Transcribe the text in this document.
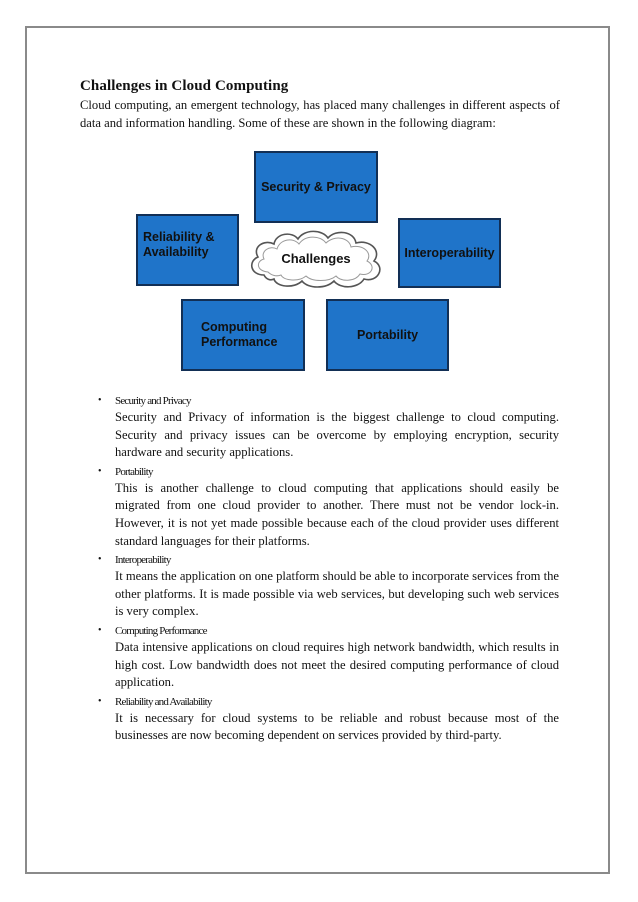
Challenges in Cloud Computing

Cloud computing, an emergent technology, has placed many challenges in different aspects of data and information handling. Some of these are shown in the following diagram:

Security & Privacy
Reliability &
Availability	Interoperability
Computing
Performance
Portability
Challenges
• Security and Privacy
Security and Privacy of information is the biggest challenge to cloud computing. Security and privacy issues can be overcome by employing encryption, security hardware and security applications.
• Portability
This is another challenge to cloud computing that applications should easily be migrated from one cloud provider to another. There must not be vendor lock-in. However, it is not yet made possible because each of the cloud provider uses different standard languages for their platforms.
• Interoperability
It means the application on one platform should be able to incorporate services from the other platforms. It is made possible via web services, but developing such web services is very complex.
• Computing Performance
Data intensive applications on cloud requires high network bandwidth, which results in high cost. Low bandwidth does not meet the desired computing performance of cloud application.
• Reliability and Availability
It is necessary for cloud systems to be reliable and robust because most of the businesses are now becoming dependent on services provided by third-party.
